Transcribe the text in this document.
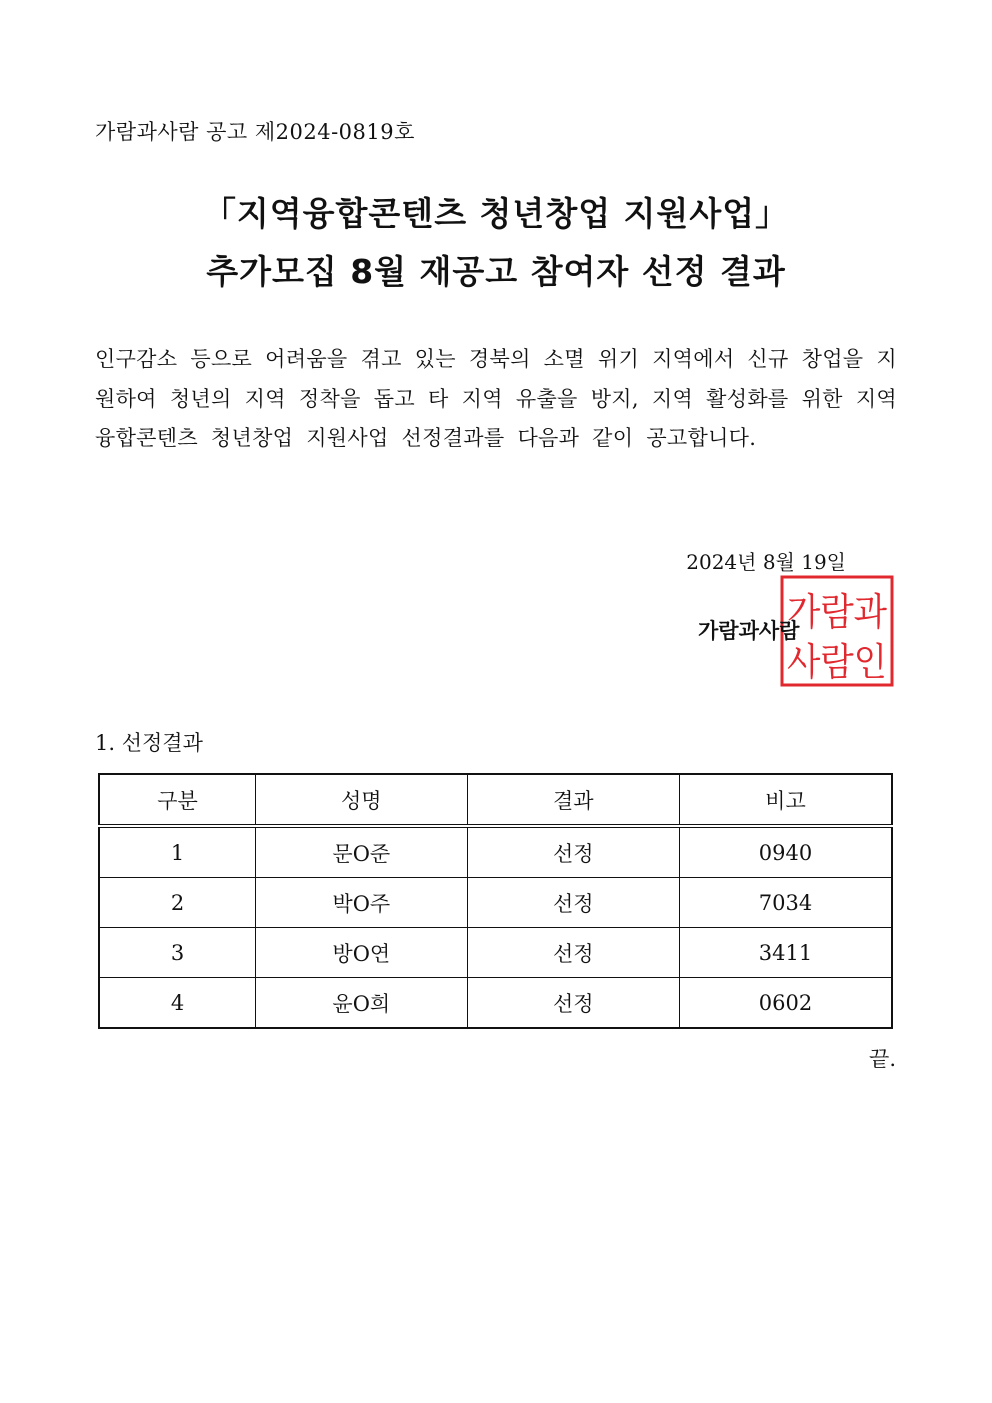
가람과사람 공고 제2024-0819호
「지역융합콘텐츠 청년창업 지원사업」
추가모집 8월 재공고 참여자 선정 결과
인구감소 등으로 어려움을 겪고 있는 경북의 소멸 위기 지역에서 신규 창업을 지원하여 청년의 지역 정착을 돕고 타 지역 유출을 방지, 지역 활성화를 위한 지역융합콘텐츠 청년창업 지원사업 선정결과를 다음과 같이 공고합니다.
2024년 8월 19일
가람과
사람인
가람과사람
1. 선정결과
구분	성명	결과	비고
1	문O준	선정	0940
2	박O주	선정	7034
3	방O연	선정	3411
4	윤O희	선정	0602
끝.
